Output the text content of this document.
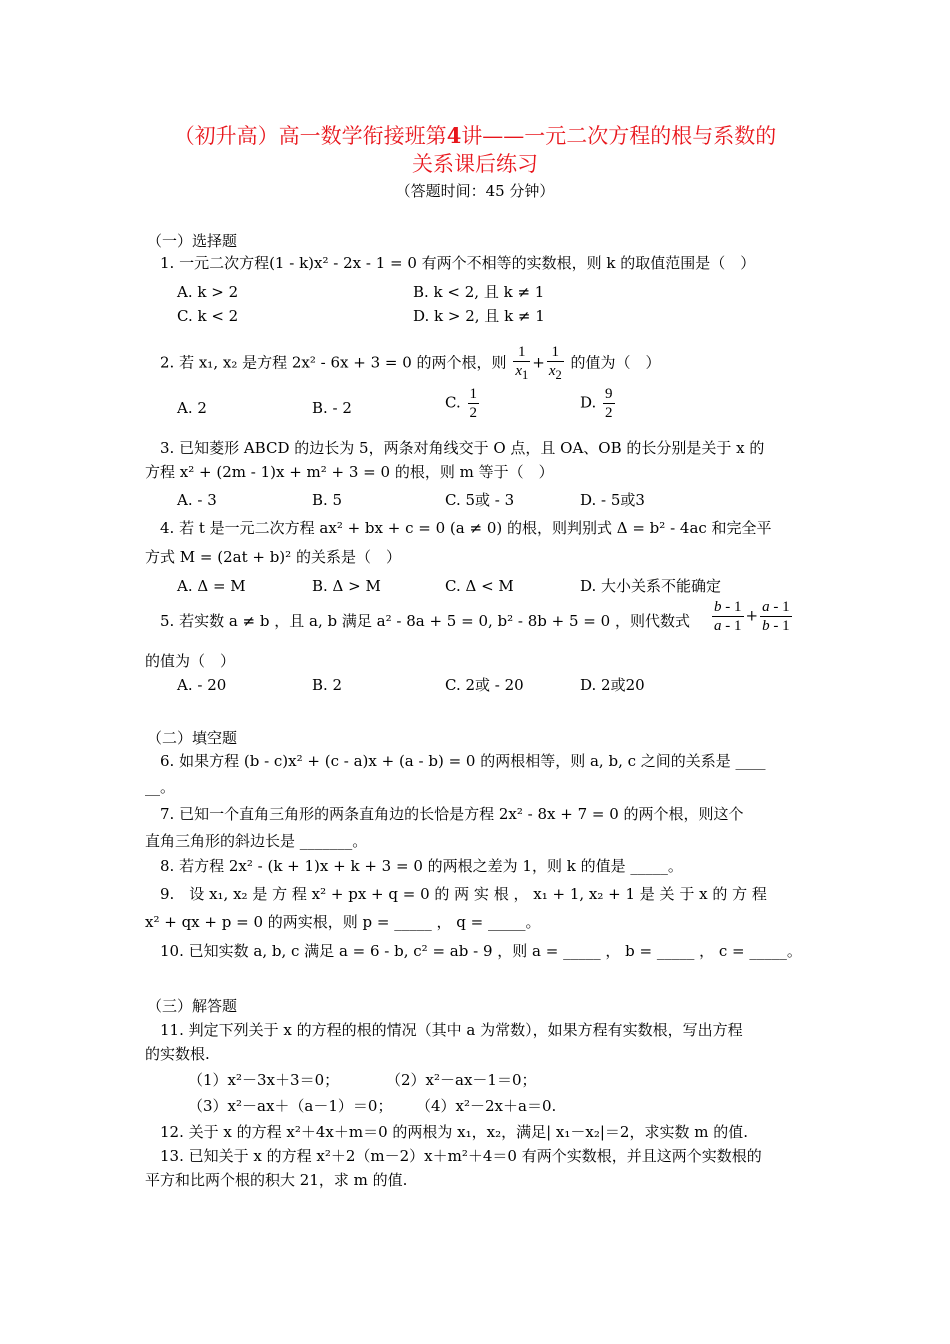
（初升高）高一数学衔接班第4讲——一元二次方程的根与系数的
关系课后练习
（答题时间：45 分钟）
（一）选择题
1. 一元二次方程(1 - k)x² - 2x - 1 = 0 有两个不相等的实数根，则 k 的取值范围是（　）
A. k > 2	B. k < 2, 且 k ≠ 1
C. k < 2	D. k > 2, 且 k ≠ 1
2. 若 x₁, x₂ 是方程 2x² - 6x + 3 = 0 的两个根，则 $\frac{1}{x_1} + \frac{1}{x_2}$ 的值为（　）
A. 2	B. - 2	C. $\frac{1}{2}$	D. $\frac{9}{2}$
3. 已知菱形 ABCD 的边长为 5，两条对角线交于 O 点，且 OA、OB 的长分别是关于 x 的
方程 x² + (2m - 1)x + m² + 3 = 0 的根，则 m 等于（　）
A. - 3	B. 5	C. 5或 - 3	D. - 5或3
4. 若 t 是一元二次方程 ax² + bx + c = 0 (a ≠ 0) 的根，则判别式 Δ = b² - 4ac 和完全平
方式 M = (2at + b)² 的关系是（　）
A. Δ = M	B. Δ > M	C. Δ < M	D. 大小关系不能确定
5. 若实数 a ≠ b ，且 a, b 满足 a² - 8a + 5 = 0, b² - 8b + 5 = 0 ，则代数式 $\frac{b - 1}{a - 1} + \frac{a - 1}{b - 1}$
的值为（　）
A. - 20	B. 2	C. 2或 - 20	D. 2或20
（二）填空题
6. 如果方程 (b - c)x² + (c - a)x + (a - b) = 0 的两根相等，则 a, b, c 之间的关系是 ____
__。
7. 已知一个直角三角形的两条直角边的长恰是方程 2x² - 8x + 7 = 0 的两个根，则这个
直角三角形的斜边长是 _______。
8. 若方程 2x² - (k + 1)x + k + 3 = 0 的两根之差为 1，则 k 的值是 _____。
9.　设 x₁, x₂ 是 方 程 x² + px + q = 0 的 两 实 根 ， x₁ + 1, x₂ + 1 是 关 于 x 的 方 程
x² + qx + p = 0 的两实根，则 p = _____ ， q = _____。
10. 已知实数 a, b, c 满足 a = 6 - b, c² = ab - 9 ，则 a = _____ ， b = _____ ， c = _____。
（三）解答题
11. 判定下列关于 x 的方程的根的情况（其中 a 为常数），如果方程有实数根，写出方程
的实数根.
（1）x²－3x＋3＝0；	（2）x²－ax－1＝0；
（3）x²－ax＋（a－1）＝0； （4）x²－2x＋a＝0.
12. 关于 x 的方程 x²＋4x＋m＝0 的两根为 x₁，x₂，满足| x₁－x₂|＝2，求实数 m 的值.
13. 已知关于 x 的方程 x²＋2（m－2）x＋m²＋4＝0 有两个实数根，并且这两个实数根的
平方和比两个根的积大 21，求 m 的值.
